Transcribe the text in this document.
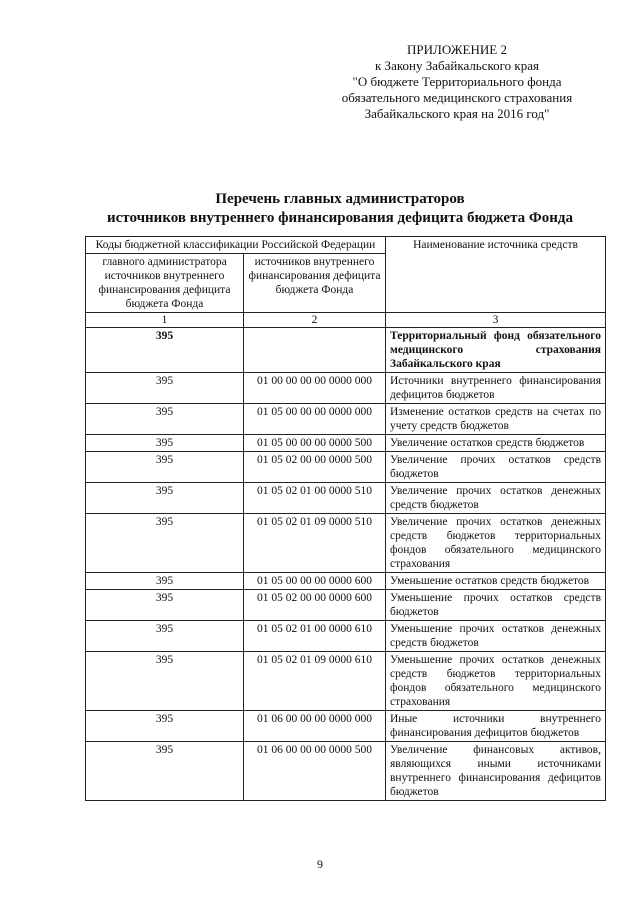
ПРИЛОЖЕНИЕ 2
к Закону Забайкальского края
"О бюджете Территориального фонда
обязательного медицинского страхования
Забайкальского края на 2016 год"
Перечень главных администраторов
источников внутреннего финансирования дефицита бюджета Фонда
Коды бюджетной классификации Российской Федерации		Наименование источника средств
главного администратора источников внутреннего финансирования дефицита бюджета Фонда	источников внутреннего финансирования дефицита бюджета Фонда	
1	2	3
395		Территориальный фонд обязательного медицинского страхования Забайкальского края
395	01 00 00 00 00 0000 000	Источники внутреннего финансирования дефицитов бюджетов
395	01 05 00 00 00 0000 000	Изменение остатков средств на счетах по учету средств бюджетов
395	01 05 00 00 00 0000 500	Увеличение остатков средств бюджетов
395	01 05 02 00 00 0000 500	Увеличение прочих остатков средств бюджетов
395	01 05 02 01 00 0000 510	Увеличение прочих остатков денежных средств бюджетов
395	01 05 02 01 09 0000 510	Увеличение прочих остатков денежных средств бюджетов территориальных фондов обязательного медицинского страхования
395	01 05 00 00 00 0000 600	Уменьшение остатков средств бюджетов
395	01 05 02 00 00 0000 600	Уменьшение прочих остатков средств бюджетов
395	01 05 02 01 00 0000 610	Уменьшение прочих остатков денежных средств бюджетов
395	01 05 02 01 09 0000 610	Уменьшение прочих остатков денежных средств бюджетов территориальных фондов обязательного медицинского страхования
395	01 06 00 00 00 0000 000	Иные источники внутреннего финансирования дефицитов бюджетов
395	01 06 00 00 00 0000 500	Увеличение финансовых активов, являющихся иными источниками внутреннего финансирования дефицитов бюджетов
9
